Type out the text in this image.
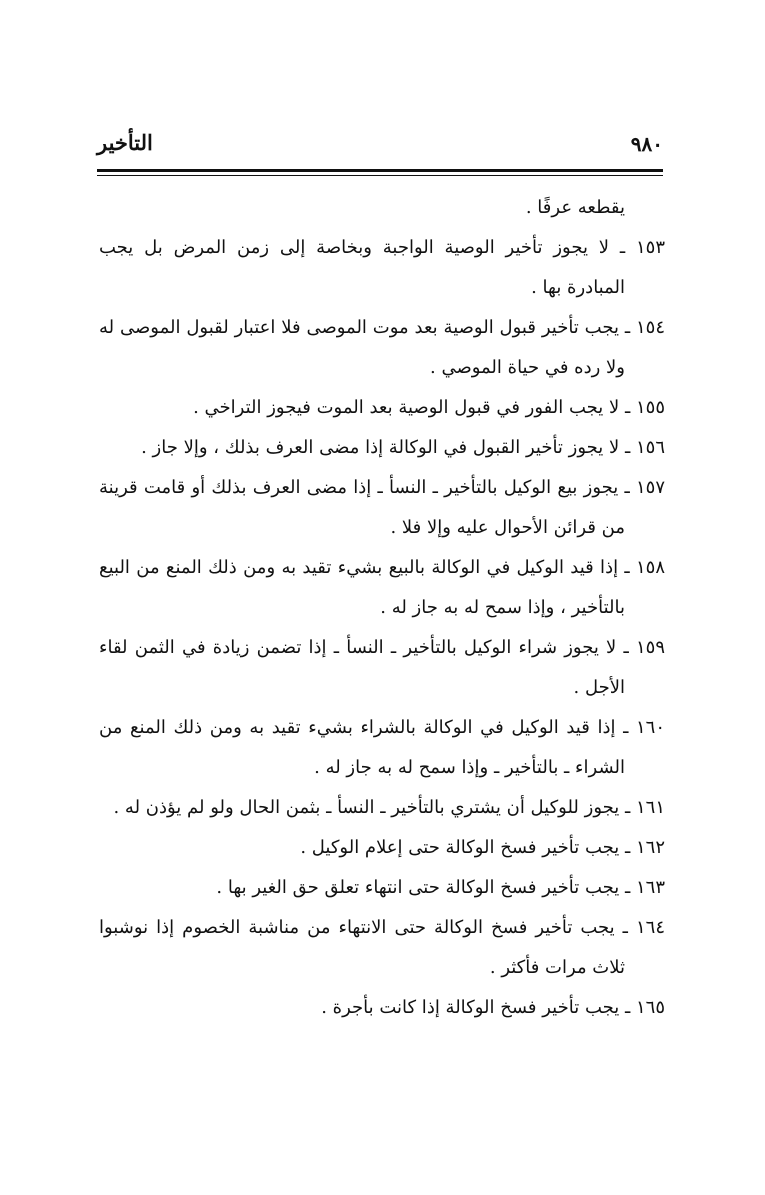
٩٨٠
التأخير

يقطعه عرفًا .

١٥٣ ـ لا يجوز تأخير الوصية الواجبة وبخاصة إلى زمن المرض بل يجب المبادرة بها .

١٥٤ ـ يجب تأخير قبول الوصية بعد موت الموصى فلا اعتبار لقبول الموصى له ولا رده في حياة الموصي .

١٥٥ ـ لا يجب الفور في قبول الوصية بعد الموت فيجوز التراخي .

١٥٦ ـ لا يجوز تأخير القبول في الوكالة إذا مضى العرف بذلك ، وإلا جاز .

١٥٧ ـ يجوز بيع الوكيل بالتأخير ـ النسأ ـ إذا مضى العرف بذلك أو قامت قرينة من قرائن الأحوال عليه وإلا فلا .

١٥٨ ـ إذا قيد الوكيل في الوكالة بالبيع بشيء تقيد به ومن ذلك المنع من البيع بالتأخير ، وإذا سمح له به جاز له .

١٥٩ ـ لا يجوز شراء الوكيل بالتأخير ـ النسأ ـ إذا تضمن زيادة في الثمن لقاء الأجل .

١٦٠ ـ إذا قيد الوكيل في الوكالة بالشراء بشيء تقيد به ومن ذلك المنع من الشراء ـ بالتأخير ـ وإذا سمح له به جاز له .

١٦١ ـ يجوز للوكيل أن يشتري بالتأخير ـ النسأ ـ بثمن الحال ولو لم يؤذن له .

١٦٢ ـ يجب تأخير فسخ الوكالة حتى إعلام الوكيل .

١٦٣ ـ يجب تأخير فسخ الوكالة حتى انتهاء تعلق حق الغير بها .

١٦٤ ـ يجب تأخير فسخ الوكالة حتى الانتهاء من مناشبة الخصوم إذا نوشبوا ثلاث مرات فأكثر .

١٦٥ ـ يجب تأخير فسخ الوكالة إذا كانت بأجرة .
